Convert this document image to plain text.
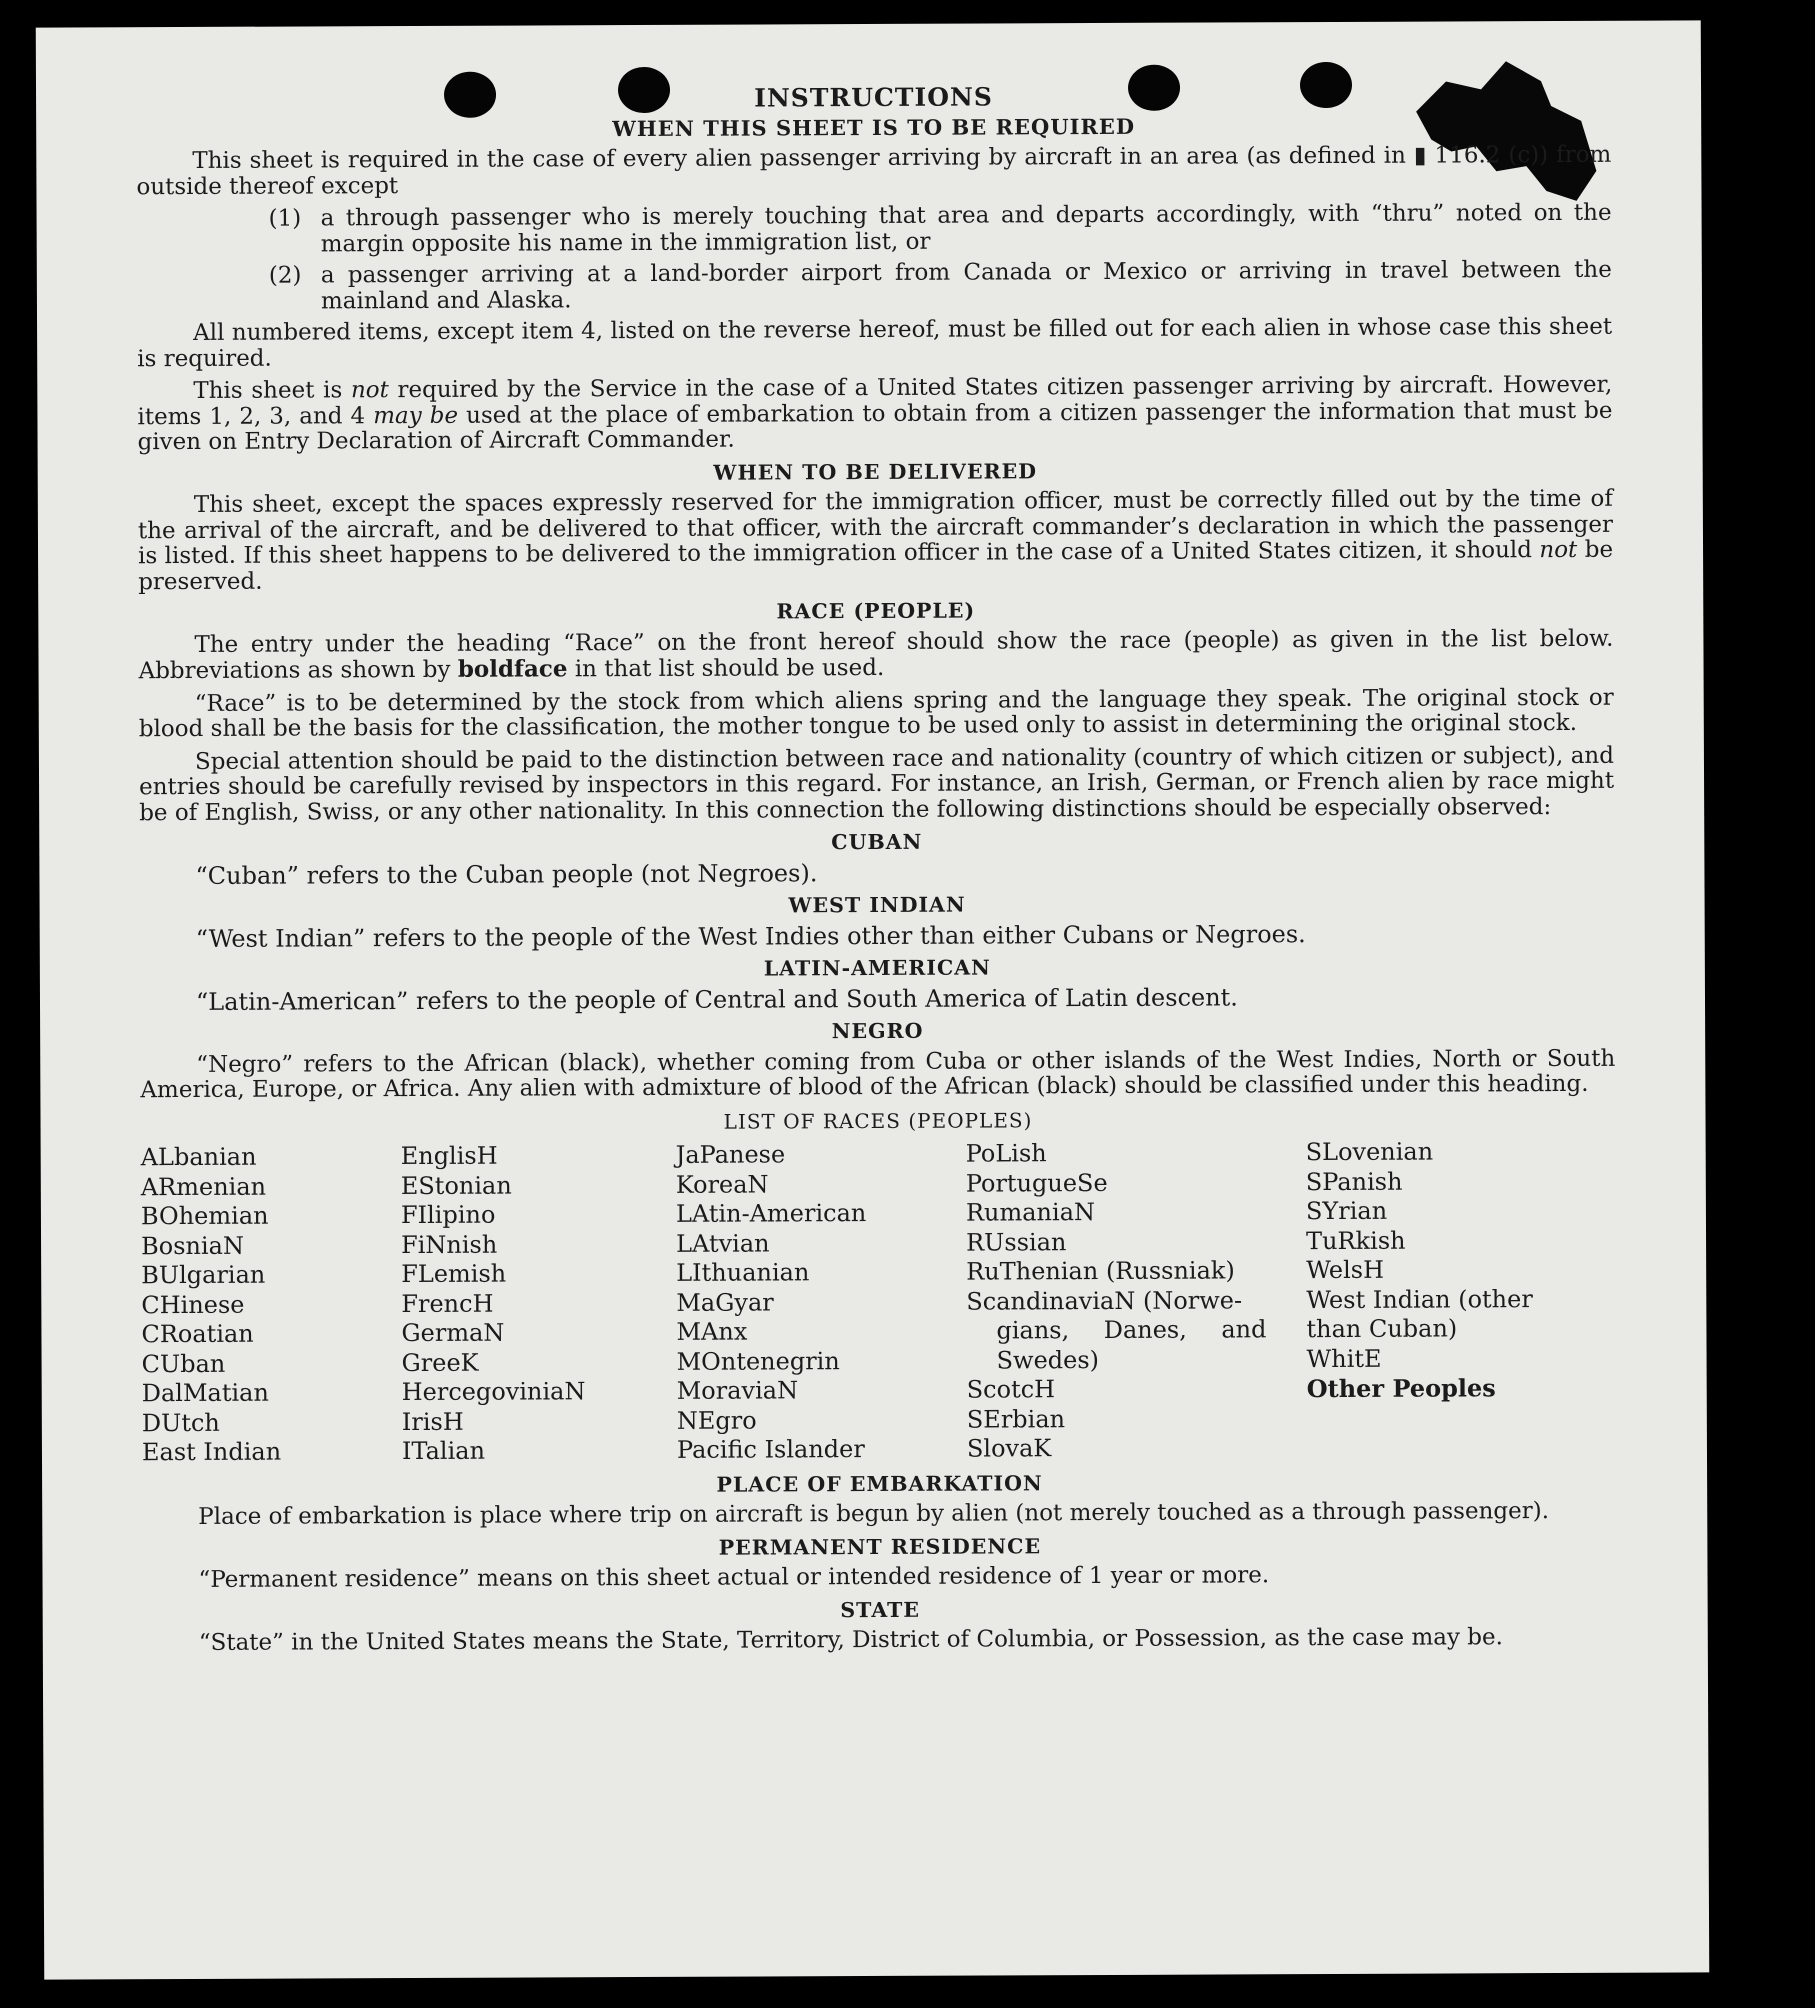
INSTRUCTIONS
WHEN THIS SHEET IS TO BE REQUIRED

This sheet is required in the case of every alien passenger arriving by aircraft in an area (as defined in ▮ 116.2 (c)) from outside thereof except

(1) a through passenger who is merely touching that area and departs accordingly, with “thru” noted on the margin opposite his name in the immigration list, or
(2) a passenger arriving at a land-border airport from Canada or Mexico or arriving in travel between the mainland and Alaska.

All numbered items, except item 4, listed on the reverse hereof, must be filled out for each alien in whose case this sheet is required.

This sheet is not required by the Service in the case of a United States citizen passenger arriving by aircraft. However, items 1, 2, 3, and 4 may be used at the place of embarkation to obtain from a citizen passenger the information that must be given on Entry Declaration of Aircraft Commander.

WHEN TO BE DELIVERED

This sheet, except the spaces expressly reserved for the immigration officer, must be correctly filled out by the time of the arrival of the aircraft, and be delivered to that officer, with the aircraft commander’s declaration in which the passenger is listed. If this sheet happens to be delivered to the immigration officer in the case of a United States citizen, it should not be preserved.

RACE (PEOPLE)

The entry under the heading “Race” on the front hereof should show the race (people) as given in the list below. Abbreviations as shown by boldface in that list should be used.

“Race” is to be determined by the stock from which aliens spring and the language they speak. The original stock or blood shall be the basis for the classification, the mother tongue to be used only to assist in determining the original stock.

Special attention should be paid to the distinction between race and nationality (country of which citizen or subject), and entries should be carefully revised by inspectors in this regard. For instance, an Irish, German, or French alien by race might be of English, Swiss, or any other nationality. In this connection the following distinctions should be especially observed:

CUBAN
“Cuban” refers to the Cuban people (not Negroes).
WEST INDIAN
“West Indian” refers to the people of the West Indies other than either Cubans or Negroes.
LATIN-AMERICAN
“Latin-American” refers to the people of Central and South America of Latin descent.
NEGRO

“Negro” refers to the African (black), whether coming from Cuba or other islands of the West Indies, North or South America, Europe, or Africa. Any alien with admixture of blood of the African (black) should be classified under this heading.

LIST OF RACES (PEOPLES)
ALbanian
ARmenian
BOhemian
BosniaN
BUlgarian
CHinese
CRoatian
CUban
DalMatian
DUtch
East Indian
EnglisH
EStonian
FIlipino
FiNnish
FLemish
FrencH
GermaN
GreeK
HercegoviniaN
IrisH
ITalian
JaPanese
KoreaN
LAtin-American
LAtvian
LIthuanian
MaGyar
MAnx
MOntenegrin
MoraviaN
NEgro
Pacific Islander
PoLish
PortugueSe
RumaniaN
RUssian
RuThenian (Russniak)
ScandinaviaN (Norwe-
gians, Danes, and Swedes)
ScotcH
SErbian
SlovaK
SLovenian
SPanish
SYrian
TuRkish
WelsH
West Indian (other
than Cuban)
WhitE
Other Peoples
PLACE OF EMBARKATION

Place of embarkation is place where trip on aircraft is begun by alien (not merely touched as a through passenger).

PERMANENT RESIDENCE

“Permanent residence” means on this sheet actual or intended residence of 1 year or more.

STATE

“State” in the United States means the State, Territory, District of Columbia, or Possession, as the case may be.
